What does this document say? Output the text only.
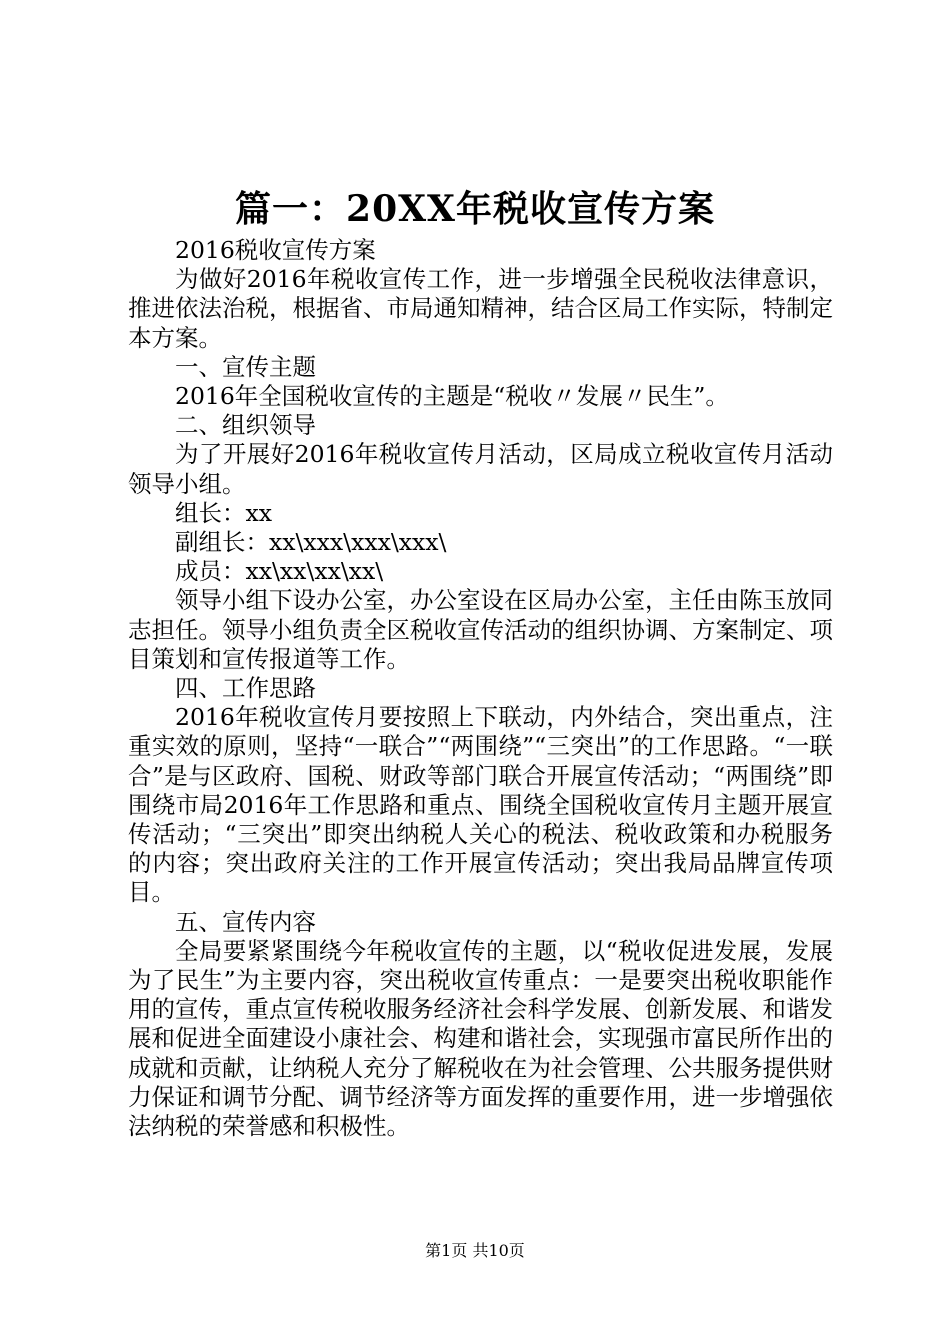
篇一：20XX年税收宣传方案

2016税收宣传方案

为做好2016年税收宣传工作，进一步增强全民税收法律意识，推进依法治税，根据省、市局通知精神，结合区局工作实际，特制定本方案。

一、宣传主题

2016年全国税收宣传的主题是“税收〃发展〃民生”。

二、组织领导

为了开展好2016年税收宣传月活动，区局成立税收宣传月活动领导小组。

组长：xx

副组长：xx\xxx\xxx\xxx\

成员：xx\xx\xx\xx\

领导小组下设办公室，办公室设在区局办公室，主任由陈玉放同志担任。领导小组负责全区税收宣传活动的组织协调、方案制定、项目策划和宣传报道等工作。

四、工作思路

2016年税收宣传月要按照上下联动，内外结合，突出重点，注重实效的原则，坚持“一联合”“两围绕”“三突出”的工作思路。“一联合”是与区政府、国税、财政等部门联合开展宣传活动；“两围绕”即围绕市局2016年工作思路和重点、围绕全国税收宣传月主题开展宣传活动；“三突出”即突出纳税人关心的税法、税收政策和办税服务的内容；突出政府关注的工作开展宣传活动；突出我局品牌宣传项目。

五、宣传内容

全局要紧紧围绕今年税收宣传的主题，以“税收促进发展，发展为了民生”为主要内容，突出税收宣传重点：一是要突出税收职能作用的宣传，重点宣传税收服务经济社会科学发展、创新发展、和谐发展和促进全面建设小康社会、构建和谐社会，实现强市富民所作出的成就和贡献，让纳税人充分了解税收在为社会管理、公共服务提供财力保证和调节分配、调节经济等方面发挥的重要作用，进一步增强依法纳税的荣誉感和积极性。

第1页 共10页
